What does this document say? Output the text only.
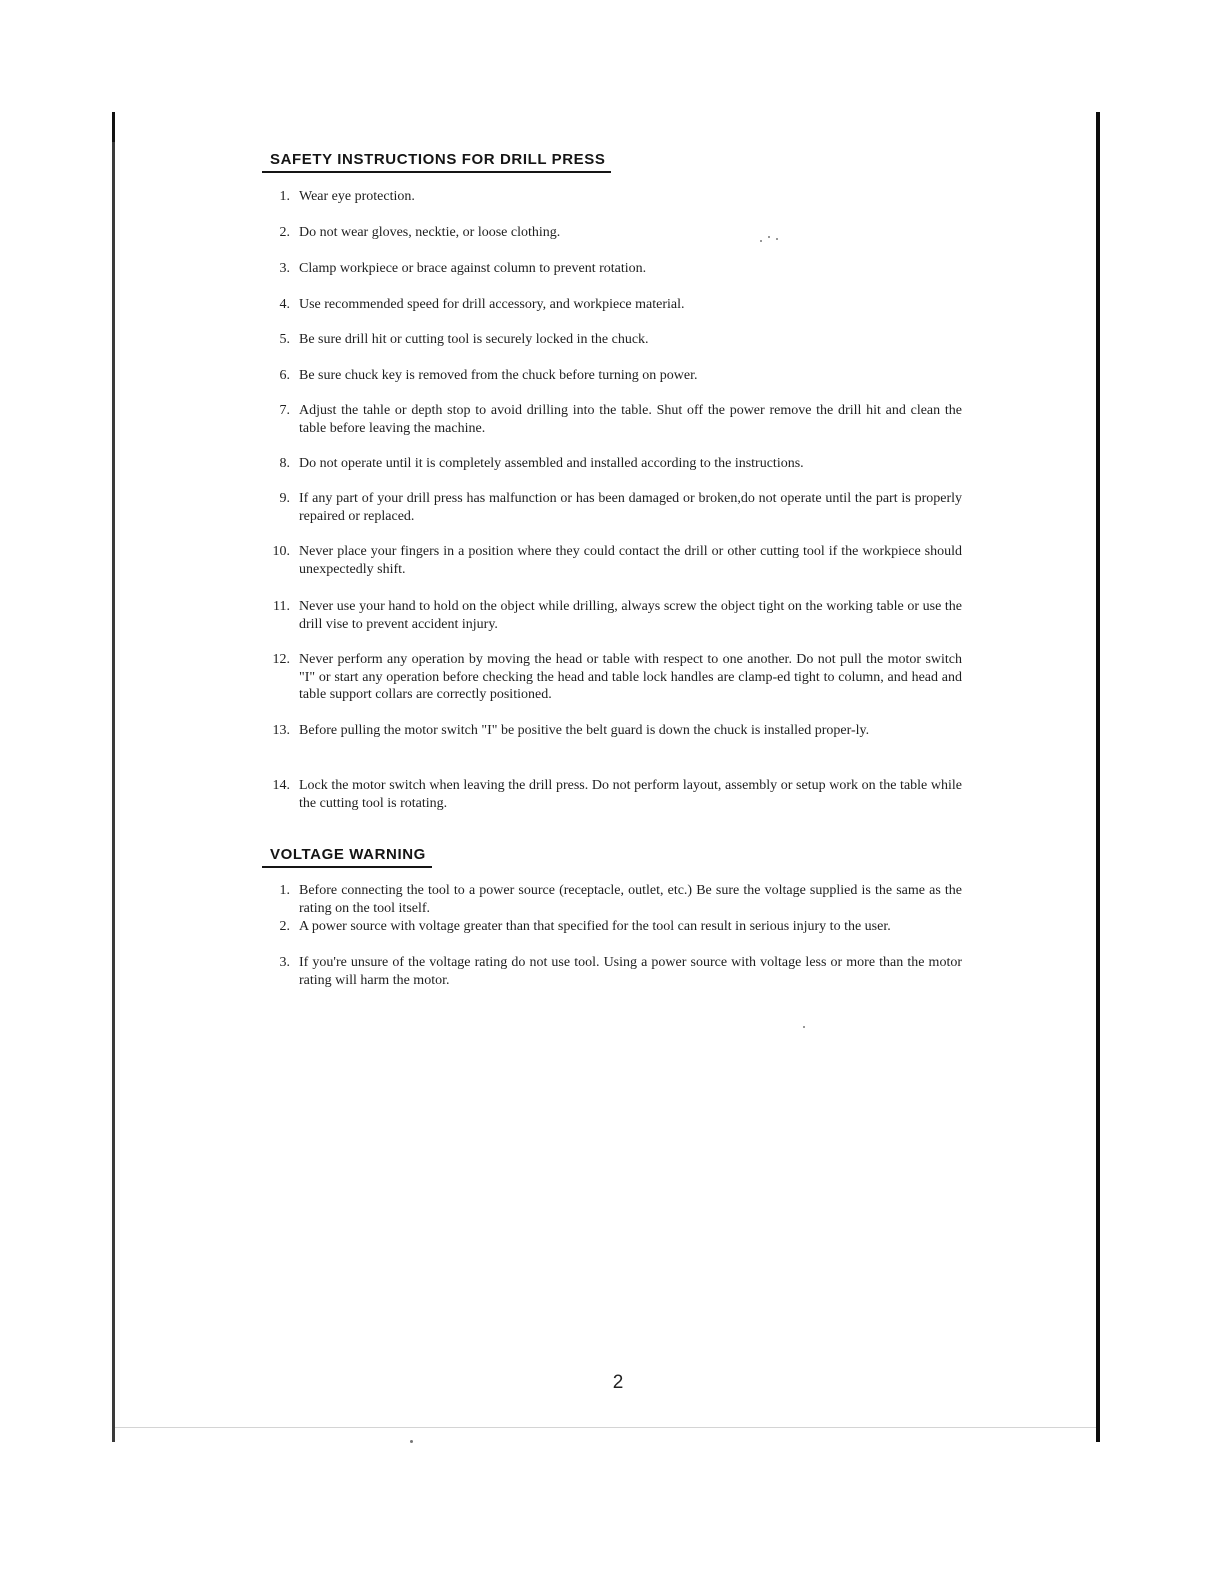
SAFETY INSTRUCTIONS FOR DRILL PRESS
1. Wear eye protection.
2. Do not wear gloves, necktie, or loose clothing.
3. Clamp workpiece or brace against column to prevent rotation.
4. Use recommended speed for drill accessory, and workpiece material.
5. Be sure drill hit or cutting tool is securely locked in the chuck.
6. Be sure chuck key is removed from the chuck before turning on power.
7. Adjust the tahle or depth stop to avoid drilling into the table. Shut off the power remove the drill hit and clean the table before leaving the machine.
8. Do not operate until it is completely assembled and installed according to the instructions.
9. If any part of your drill press has malfunction or has been damaged or broken,do not operate until the part is properly repaired or replaced.
10. Never place your fingers in a position where they could contact the drill or other cutting tool if the workpiece should unexpectedly shift.
11. Never use your hand to hold on the object while drilling, always screw the object tight on the working table or use the drill vise to prevent accident injury.
12. Never perform any operation by moving the head or table with respect to one another. Do not pull the motor switch "I" or start any operation before checking the head and table lock handles are clamp-ed tight to column, and head and table support collars are correctly positioned.
13. Before pulling the motor switch "I" be positive the belt guard is down the chuck is installed proper-ly.
14. Lock the motor switch when leaving the drill press. Do not perform layout, assembly or setup work on the table while the cutting tool is rotating.
VOLTAGE WARNING
1. Before connecting the tool to a power source (receptacle, outlet, etc.) Be sure the voltage supplied is the same as the rating on the tool itself.
2. A power source with voltage greater than that specified for the tool can result in serious injury to the user.
3. If you're unsure of the voltage rating do not use tool. Using a power source with voltage less or more than the motor rating will harm the motor.
2
